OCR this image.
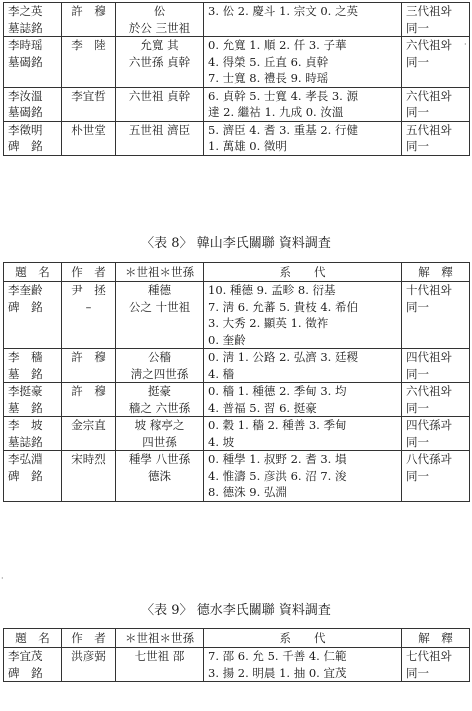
李之英
墓誌銘	許　穆	伀
於公 三世祖	3. 伀 2. 慶斗 1. 宗文 0. 之英	三代祖와
同一

李時瑶
墓碣銘	李　陸	允寬 其
六世孫 貞幹	0. 允寬 1. 順 2. 仟 3. 子華
4. 得榮 5. 丘直 6. 貞幹
7. 士寬 8. 禮長 9. 時瑶	六代祖와
同一

李汝溫
墓碣銘	李宜哲	六世祖 貞幹	6. 貞幹 5. 士寬 4. 孝長 3. 源
達 2. 繼祜 1. 九成 0. 汝溫	六代祖와
同一

李徵明
碑　銘	朴世堂	五世祖 濟臣	5. 濟臣 4. 耆 3. 重基 2. 行健
1. 萬雄 0. 徵明	五代祖와
同一
〈表 8〉 韓山李氏關聯 資料調査
題　名	作　者	＊世祖＊世孫	系　　代	解　釋

李奎齡
碑　銘	尹　拯
–	種德
公之 十世祖	10. 種德 9. 孟畛 8. 衍基
7. 淸 6. 允蕃 5. 貴枝 4. 希伯
3. 大秀 2. 顯英 1. 徵祚
0. 奎齡	十代祖와
同一

李　穡
墓　銘	許　穆	公穡
淸之四世孫	0. 淸 1. 公路 2. 弘濟 3. 廷稷
4. 穡	四代祖와
同一

李挺豪
墓　銘	許　穆	挺豪
穡之 六世孫	0. 穡 1. 種德 2. 季甸 3. 均
4. 普福 5. 習 6. 挺豪	六代祖와
同一

李　坡
墓誌銘	金宗直	坡 稼亭之
四世孫	0. 穀 1. 穡 2. 種善 3. 季甸
4. 坡	四代孫과
同一

李弘淵
碑　銘	宋時烈	種學 八世孫
德洙	0. 種學 1. 叔野 2. 耆 3. 塤
4. 惟濤 5. 彦洪 6. 沼 7. 浚
8. 德洙 9. 弘淵	八代孫과
同一
〈表 9〉 德水李氏關聯 資料調査
題　名	作　者	＊世祖＊世孫	系　　代	解　釋

李宜茂
碑　銘	洪彦弼	七世祖 邵	7. 邵 6. 允 5. 千善 4. 仁範
3. 揚 2. 明晨 1. 抽 0. 宜茂	七代祖와
同一
·
·
